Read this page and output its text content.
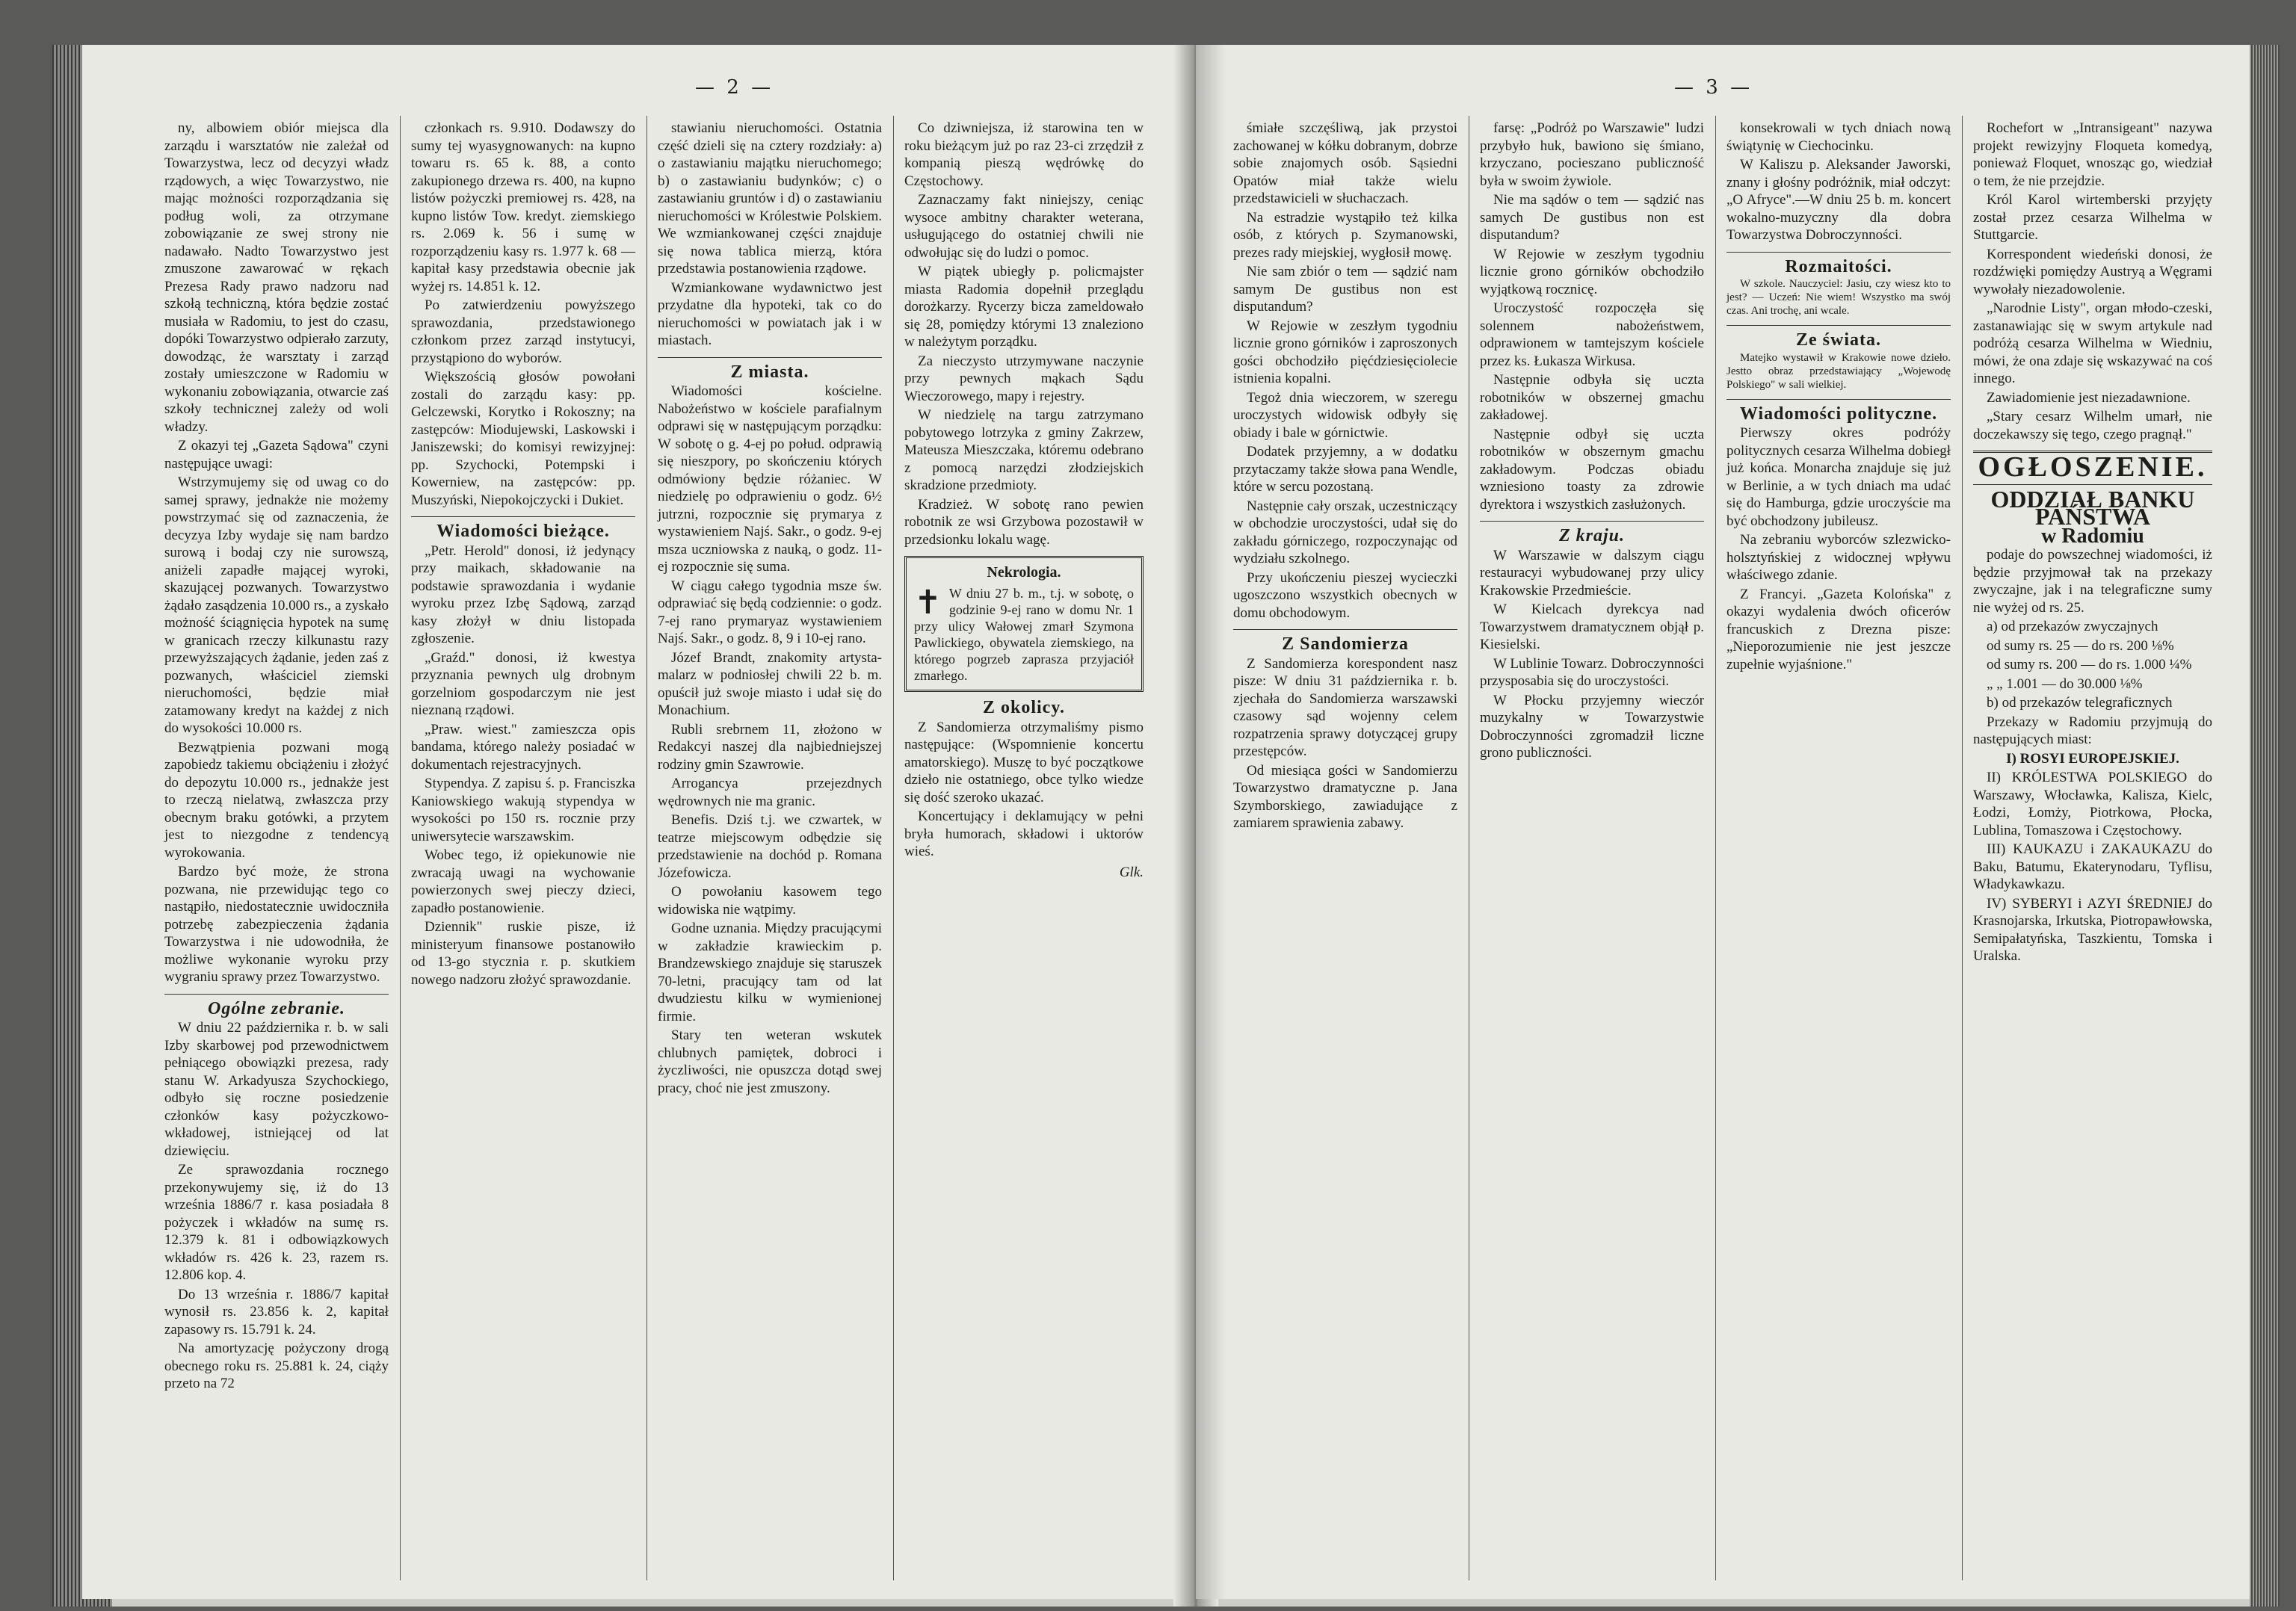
— 2 —

ny, albowiem obiór miejsca dla zarządu i warsztatów nie zależał od Towarzystwa, lecz od decyzyi władz rządowych, a więc Towarzystwo, nie mając możności rozporządzania się podług woli, za otrzymane zobowiązanie ze swej strony nie nadawało. Nadto Towarzystwo jest zmuszone zawarować w rękach Prezesa Rady prawo nadzoru nad szkołą techniczną, która będzie zostać musiała w Radomiu, to jest do czasu, dopóki Towarzystwo odpierało zarzuty, dowodząc, że warsztaty i zarząd zostały umieszczone w Radomiu w wykonaniu zobowiązania, otwarcie zaś szkoły technicznej zależy od woli władzy.

Z okazyi tej „Gazeta Sądowa" czyni następujące uwagi:

Wstrzymujemy się od uwag co do samej sprawy, jednakże nie możemy powstrzymać się od zaznaczenia, że decyzya Izby wydaje się nam bardzo surową i bodaj czy nie surowszą, aniżeli zapadłe mającej wyroki, skazującej pozwanych. Towarzystwo żądało zasądzenia 10.000 rs., a zyskało możność ściągnięcia hypotek na sumę w granicach rzeczy kilkunastu razy przewyższających żądanie, jeden zaś z pozwanych, właściciel ziemski nieruchomości, będzie miał zatamowany kredyt na każdej z nich do wysokości 10.000 rs.

Bezwątpienia pozwani mogą zapobiedz takiemu obciążeniu i złożyć do depozytu 10.000 rs., jednakże jest to rzeczą nielatwą, zwłaszcza przy obecnym braku gotówki, a przytem jest to niezgodne z tendencyą wyrokowania.

Bardzo być może, że strona pozwana, nie przewidując tego co nastąpiło, niedostatecznie uwidoczniła potrzebę zabezpieczenia żądania Towarzystwa i nie udowodniła, że możliwe wykonanie wyroku przy wygraniu sprawy przez Towarzystwo.

Ogólne zebranie.

W dniu 22 października r. b. w sali Izby skarbowej pod przewodnictwem pełniącego obowiązki prezesa, rady stanu W. Arkadyusza Szychockiego, odbyło się roczne posiedzenie członków kasy pożyczkowo-wkładowej, istniejącej od lat dziewięciu.

Ze sprawozdania rocznego przekonywujemy się, iż do 13 września 1886/7 r. kasa posiadała 8 pożyczek i wkładów na sumę rs. 12.379 k. 81 i odbowiązkowych wkładów rs. 426 k. 23, razem rs. 12.806 kop. 4.

Do 13 września r. 1886/7 kapitał wynosił rs. 23.856 k. 2, kapitał zapasowy rs. 15.791 k. 24.

Na amortyzację pożyczony drogą obecnego roku rs. 25.881 k. 24, ciąży przeto na 72

członkach rs. 9.910. Dodawszy do sumy tej wyasygnowanych: na kupno towaru rs. 65 k. 88, a conto zakupionego drzewa rs. 400, na kupno listów pożyczki premiowej rs. 428, na kupno listów Tow. kredyt. ziemskiego rs. 2.069 k. 56 i sumę w rozporządzeniu kasy rs. 1.977 k. 68 — kapitał kasy przedstawia obecnie jak wyżej rs. 14.851 k. 12.

Po zatwierdzeniu powyższego sprawozdania, przedstawionego członkom przez zarząd instytucyi, przystąpiono do wyborów.

Większością głosów powołani zostali do zarządu kasy: pp. Gelczewski, Korytko i Rokoszny; na zastępców: Miodujewski, Laskowski i Janiszewski; do komisyi rewizyjnej: pp. Szychocki, Potempski i Kowerniew, na zastępców: pp. Muszyński, Niepokojczycki i Dukiet.

Wiadomości bieżące.

„Petr. Herold" donosi, iż jedynący przy maikach, składowanie na podstawie sprawozdania i wydanie wyroku przez Izbę Sądową, zarząd kasy złożył w dniu listopada zgłoszenie.

„Graźd." donosi, iż kwestya przyznania pewnych ulg drobnym gorzelniom gospodarczym nie jest nieznaną rządowi.

„Praw. wiest." zamieszcza opis bandama, którego należy posiadać w dokumentach rejestracyjnych.

Stypendya. Z zapisu ś. p. Franciszka Kaniowskiego wakują stypendya w wysokości po 150 rs. rocznie przy uniwersytecie warszawskim.

Wobec tego, iż opiekunowie nie zwracają uwagi na wychowanie powierzonych swej pieczy dzieci, zapadło postanowienie.

Dziennik" ruskie pisze, iż ministeryum finansowe postanowiło od 13-go stycznia r. p. skutkiem nowego nadzoru złożyć sprawozdanie.

stawianiu nieruchomości. Ostatnia część dzieli się na cztery rozdziały: a) o zastawianiu majątku nieruchomego; b) o zastawianiu budynków; c) o zastawianiu gruntów i d) o zastawianiu nieruchomości w Królestwie Polskiem. We wzmiankowanej części znajduje się nowa tablica mierzą, która przedstawia postanowienia rządowe.

Wzmiankowane wydawnictwo jest przydatne dla hypoteki, tak co do nieruchomości w powiatach jak i w miastach.

Z miasta.

Wiadomości kościelne. Nabożeństwo w kościele parafialnym odprawi się w następującym porządku: W sobotę o g. 4-ej po połud. odprawią się nieszpory, po skończeniu których odmówiony będzie różaniec. W niedzielę po odprawieniu o godz. 6½ jutrzni, rozpocznie się prymarya z wystawieniem Najś. Sakr., o godz. 9-ej msza uczniowska z nauką, o godz. 11-ej rozpocznie się suma.

W ciągu całego tygodnia msze św. odprawiać się będą codziennie: o godz. 7-ej rano prymaryaz wystawieniem Najś. Sakr., o godz. 8, 9 i 10-ej rano.

Józef Brandt, znakomity artysta-malarz w podniosłej chwili 22 b. m. opuścił już swoje miasto i udał się do Monachium.

Rubli srebrnem 11, złożono w Redakcyi naszej dla najbiedniejszej rodziny gmin Szawrowie.

Arrogancya przejezdnych wędrownych nie ma granic.

Benefis. Dziś t.j. we czwartek, w teatrze miejscowym odbędzie się przedstawienie na dochód p. Romana Józefowicza.

O powołaniu kasowem tego widowiska nie wątpimy.

Godne uznania. Między pracującymi w zakładzie krawieckim p. Brandzewskiego znajduje się staruszek 70-letni, pracujący tam od lat dwudziestu kilku w wymienionej firmie.

Stary ten weteran wskutek chlubnych pamiętek, dobroci i życzliwości, nie opuszcza dotąd swej pracy, choć nie jest zmuszony.

Co dziwniejsza, iż starowina ten w roku bieżącym już po raz 23-ci zrzędził z kompanią pieszą wędrówkę do Częstochowy.

Zaznaczamy fakt niniejszy, ceniąc wysoce ambitny charakter weterana, usługującego do ostatniej chwili nie odwołując się do ludzi o pomoc.

W piątek ubiegły p. policmajster miasta Radomia dopełnił przeglądu dorożkarzy. Rycerzy bicza zameldowało się 28, pomiędzy którymi 13 znaleziono w należytym porządku.

Za nieczysto utrzymywane naczynie przy pewnych mąkach Sądu Wieczorowego, mapy i rejestry.

W niedzielę na targu zatrzymano pobytowego lotrzyka z gminy Zakrzew, Mateusza Mieszczaka, któremu odebrano z pomocą narzędzi złodziejskich skradzione przedmioty.

Kradzież. W sobotę rano pewien robotnik ze wsi Grzybowa pozostawił w przedsionku lokalu wagę.

Nekrologia.
✝ W dniu 27 b. m., t.j. w sobotę, o godzinie 9-ej rano w domu Nr. 1 przy ulicy Wałowej zmarł Szymona Pawlickiego, obywatela ziemskiego, na którego pogrzeb zaprasza przyjaciół zmarłego.

Z okolicy.

Z Sandomierza otrzymaliśmy pismo następujące: (Wspomnienie koncertu amatorskiego). Muszę to być początkowe dzieło nie ostatniego, obce tylko wiedze się dość szeroko ukazać.

Koncertujący i deklamujący w pełni bryła humorach, składowi i uktorów wieś.

Glk.
— 3 —

śmiałe szczęśliwą, jak przystoi zachowanej w kółku dobranym, dobrze sobie znajomych osób. Sąsiedni Opatów miał także wielu przedstawicieli w słuchaczach.

Na estradzie wystąpiło też kilka osób, z których p. Szymanowski, prezes rady miejskiej, wygłosił mowę.

Nie sam zbiór o tem — sądzić nam samym De gustibus non est disputandum?

W Rejowie w zeszłym tygodniu licznie grono górników i zaproszonych gości obchodziło pięćdziesięciolecie istnienia kopalni.

Tegoż dnia wieczorem, w szeregu uroczystych widowisk odbyły się obiady i bale w górnictwie.

Dodatek przyjemny, a w dodatku przytaczamy także słowa pana Wendle, które w sercu pozostaną.

Następnie cały orszak, uczestniczący w obchodzie uroczystości, udał się do zakładu górniczego, rozpoczynając od wydziału szkolnego.

Przy ukończeniu pieszej wycieczki ugoszczono wszystkich obecnych w domu obchodowym.

Z Sandomierza

Z Sandomierza korespondent nasz pisze: W dniu 31 października r. b. zjechała do Sandomierza warszawski czasowy sąd wojenny celem rozpatrzenia sprawy dotyczącej grupy przestępców.

Od miesiąca gości w Sandomierzu Towarzystwo dramatyczne p. Jana Szymborskiego, zawiadujące z zamiarem sprawienia zabawy.

farsę: „Podróż po Warszawie" ludzi przybyło huk, bawiono się śmiano, krzyczano, pocieszano publiczność była w swoim żywiole.

Nie ma sądów o tem — sądzić nas samych De gustibus non est disputandum?

W Rejowie w zeszłym tygodniu licznie grono górników obchodziło wyjątkową rocznicę.

Uroczystość rozpoczęła się solennem nabożeństwem, odprawionem w tamtejszym kościele przez ks. Łukasza Wirkusa.

Następnie odbyła się uczta robotników w obszernej gmachu zakładowej.

Następnie odbył się uczta robotników w obszernym gmachu zakładowym. Podczas obiadu wzniesiono toasty za zdrowie dyrektora i wszystkich zasłużonych.

Z kraju.

W Warszawie w dalszym ciągu restauracyi wybudowanej przy ulicy Krakowskie Przedmieście.

W Kielcach dyrekcya nad Towarzystwem dramatycznem objął p. Kiesielski.

W Lublinie Towarz. Dobroczynności przysposabia się do uroczystości.

W Płocku przyjemny wieczór muzykalny w Towarzystwie Dobroczynności zgromadził liczne grono publiczności.

konsekrowali w tych dniach nową świątynię w Ciechocinku.

W Kaliszu p. Aleksander Jaworski, znany i głośny podróżnik, miał odczyt: „O Afryce".—W dniu 25 b. m. koncert wokalno-muzyczny dla dobra Towarzystwa Dobroczynności.

Rozmaitości.

W szkole. Nauczyciel: Jasiu, czy wiesz kto to jest? — Uczeń: Nie wiem! Wszystko ma swój czas. Ani trochę, ani wcale.

Ze świata.

Matejko wystawił w Krakowie nowe dzieło. Jestto obraz przedstawiający „Wojewodę Polskiego" w sali wielkiej.

Wiadomości polityczne.

Pierwszy okres podróży politycznych cesarza Wilhelma dobiegł już końca. Monarcha znajduje się już w Berlinie, a w tych dniach ma udać się do Hamburga, gdzie uroczyście ma być obchodzony jubileusz.

Na zebraniu wyborców szlezwicko-holsztyńskiej z widocznej wpływu właściwego zdanie.

Z Francyi. „Gazeta Kolońska" z okazyi wydalenia dwóch oficerów francuskich z Drezna pisze: „Nieporozumienie nie jest jeszcze zupełnie wyjaśnione."

Rochefort w „Intransigeant" nazywa projekt rewizyjny Floqueta komedyą, ponieważ Floquet, wnosząc go, wiedział o tem, że nie przejdzie.

Król Karol wirtemberski przyjęty został przez cesarza Wilhelma w Stuttgarcie.

Korrespondent wiedeński donosi, że rozdźwięki pomiędzy Austryą a Węgrami wywołały niezadowolenie.

„Narodnie Listy", organ młodo-czeski, zastanawiając się w swym artykule nad podróżą cesarza Wilhelma w Wiedniu, mówi, że ona zdaje się wskazywać na coś innego.

Zawiadomienie jest niezadawnione.

„Stary cesarz Wilhelm umarł, nie doczekawszy się tego, czego pragnął."

OGŁOSZENIE.

ODDZIAŁ BANKU PAŃSTWA

w Radomiu

podaje do powszechnej wiadomości, iż będzie przyjmował tak na przekazy zwyczajne, jak i na telegraficzne sumy nie wyżej od rs. 25.

a) od przekazów zwyczajnych

od sumy rs. 25 — do rs. 200 ⅛%

od sumy rs. 200 — do rs. 1.000 ¼%

„ „ 1.001 — do 30.000 ⅛%

b) od przekazów telegraficznych

Przekazy w Radomiu przyjmują do następujących miast:

I) ROSYI EUROPEJSKIEJ.

II) KRÓLESTWA POLSKIEGO do Warszawy, Włocławka, Kalisza, Kielc, Łodzi, Łomży, Piotrkowa, Płocka, Lublina, Tomaszowa i Częstochowy.

III) KAUKAZU i ZAKAUKAZU do Baku, Batumu, Ekaterynodaru, Tyflisu, Władykawkazu.

IV) SYBERYI i AZYI ŚREDNIEJ do Krasnojarska, Irkutska, Piotropawłowska, Semipałatyńska, Taszkientu, Tomska i Uralska.
